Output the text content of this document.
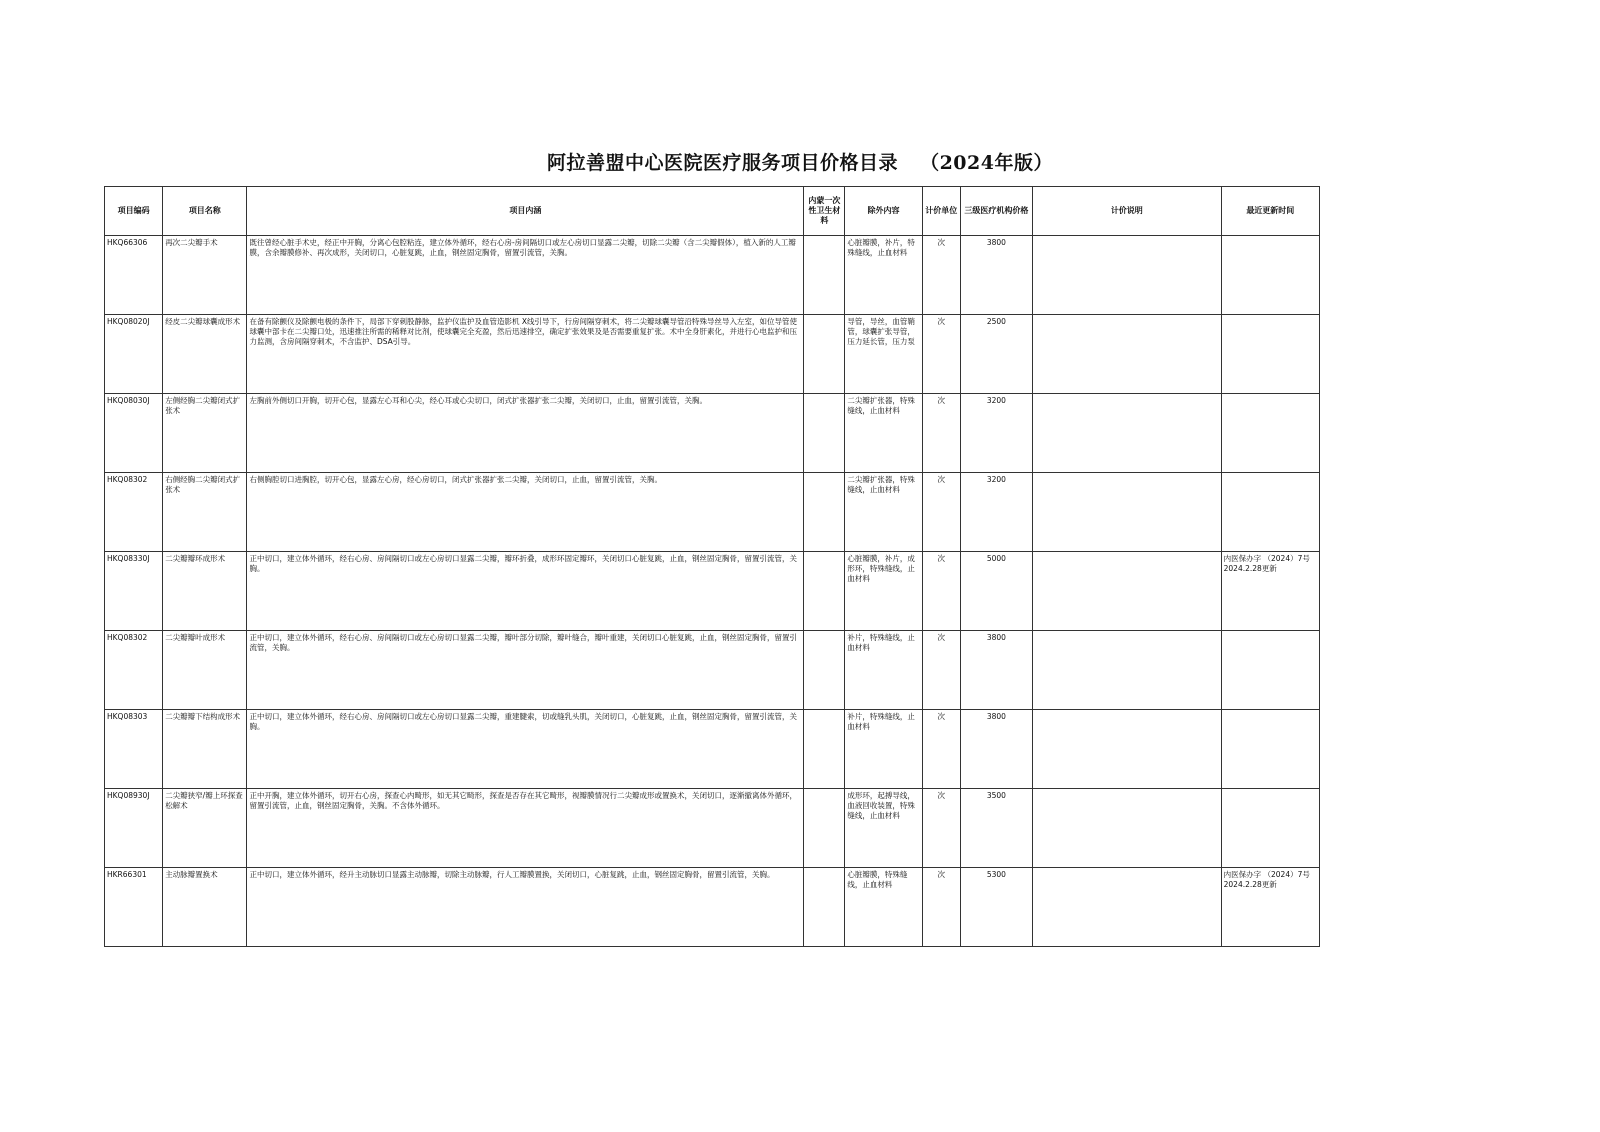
阿拉善盟中心医院医疗服务项目价格目录 （2024年版）
项目编码	项目名称	项目内涵	内蒙一次性卫生材料	除外内容	计价单位	三级医疗机构价格	计价说明	最近更新时间
HKQ66306	再次二尖瓣手术	既往曾经心脏手术史，经正中开胸，分离心包腔粘连，建立体外循环，经右心房-房间隔切口或左心房切口显露二尖瓣，切除二尖瓣（含二尖瓣假体），植入新的人工瓣膜，含余瓣膜修补、再次成形，关闭切口，心脏复跳，止血，钢丝固定胸骨，留置引流管，关胸。		心脏瓣膜，补片，特殊缝线，止血材料	次	3800		
HKQ08020J	经皮二尖瓣球囊成形术	在备有除颤仪及除颤电极的条件下，局部下穿刺股静脉，监护仪监护及血管造影机 X线引导下，行房间隔穿刺术，将二尖瓣球囊导管沿特殊导丝导入左室，如位导管使球囊中部卡在二尖瓣口处，迅速推注所需的稀释对比剂，使球囊完全充盈，然后迅速排空，确定扩张效果及是否需要重复扩张。术中全身肝素化，并进行心电监护和压力监测，含房间隔穿刺术，不含监护、DSA引导。		导管，导丝，血管鞘管，球囊扩张导管，压力延长管，压力泵	次	2500		
HKQ08030J	左侧经胸二尖瓣闭式扩张术	左胸前外侧切口开胸，切开心包，显露左心耳和心尖，经心耳或心尖切口，闭式扩张器扩张二尖瓣，关闭切口，止血，留置引流管，关胸。		二尖瓣扩张器，特殊缝线，止血材料	次	3200		
HKQ08302	右侧经胸二尖瓣闭式扩张术	右侧胸腔切口进胸腔，切开心包，显露左心房，经心房切口，闭式扩张器扩张二尖瓣，关闭切口，止血，留置引流管，关胸。		二尖瓣扩张器，特殊缝线，止血材料	次	3200		
HKQ08330J	二尖瓣瓣环成形术	正中切口，建立体外循环，经右心房、房间隔切口或左心房切口显露二尖瓣，瓣环折叠，成形环固定瓣环，关闭切口心脏复跳，止血，钢丝固定胸骨，留置引流管，关胸。		心脏瓣膜，补片，成形环，特殊缝线，止血材料	次	5000		内医保办字 （2024）7号 2024.2.28更新
HKQ08302	二尖瓣瓣叶成形术	正中切口，建立体外循环，经右心房、房间隔切口或左心房切口显露二尖瓣，瓣叶部分切除，瓣叶缝合，瓣叶重建，关闭切口心脏复跳，止血，钢丝固定胸骨，留置引流管，关胸。		补片，特殊缝线，止血材料	次	3800		
HKQ08303	二尖瓣瓣下结构成形术	正中切口，建立体外循环，经右心房、房间隔切口或左心房切口显露二尖瓣，重建腱索，切或缝乳头肌，关闭切口，心脏复跳，止血，钢丝固定胸骨，留置引流管，关胸。		补片，特殊缝线，止血材料	次	3800		
HKQ08930J	二尖瓣狭窄/瓣上环探查松解术	正中开胸，建立体外循环，切开右心房，探查心内畸形，如无其它畸形，探查是否存在其它畸形，视瓣膜情况行二尖瓣成形或置换术，关闭切口，逐渐撤离体外循环，留置引流管，止血，钢丝固定胸骨，关胸。不含体外循环。		成形环，起搏导线，血液回收装置，特殊缝线，止血材料	次	3500		
HKR66301	主动脉瓣置换术	正中切口，建立体外循环，经升主动脉切口显露主动脉瓣，切除主动脉瓣，行人工瓣膜置换，关闭切口，心脏复跳，止血，钢丝固定胸骨，留置引流管，关胸。		心脏瓣膜，特殊缝线，止血材料	次	5300		内医保办字 （2024）7号 2024.2.28更新
